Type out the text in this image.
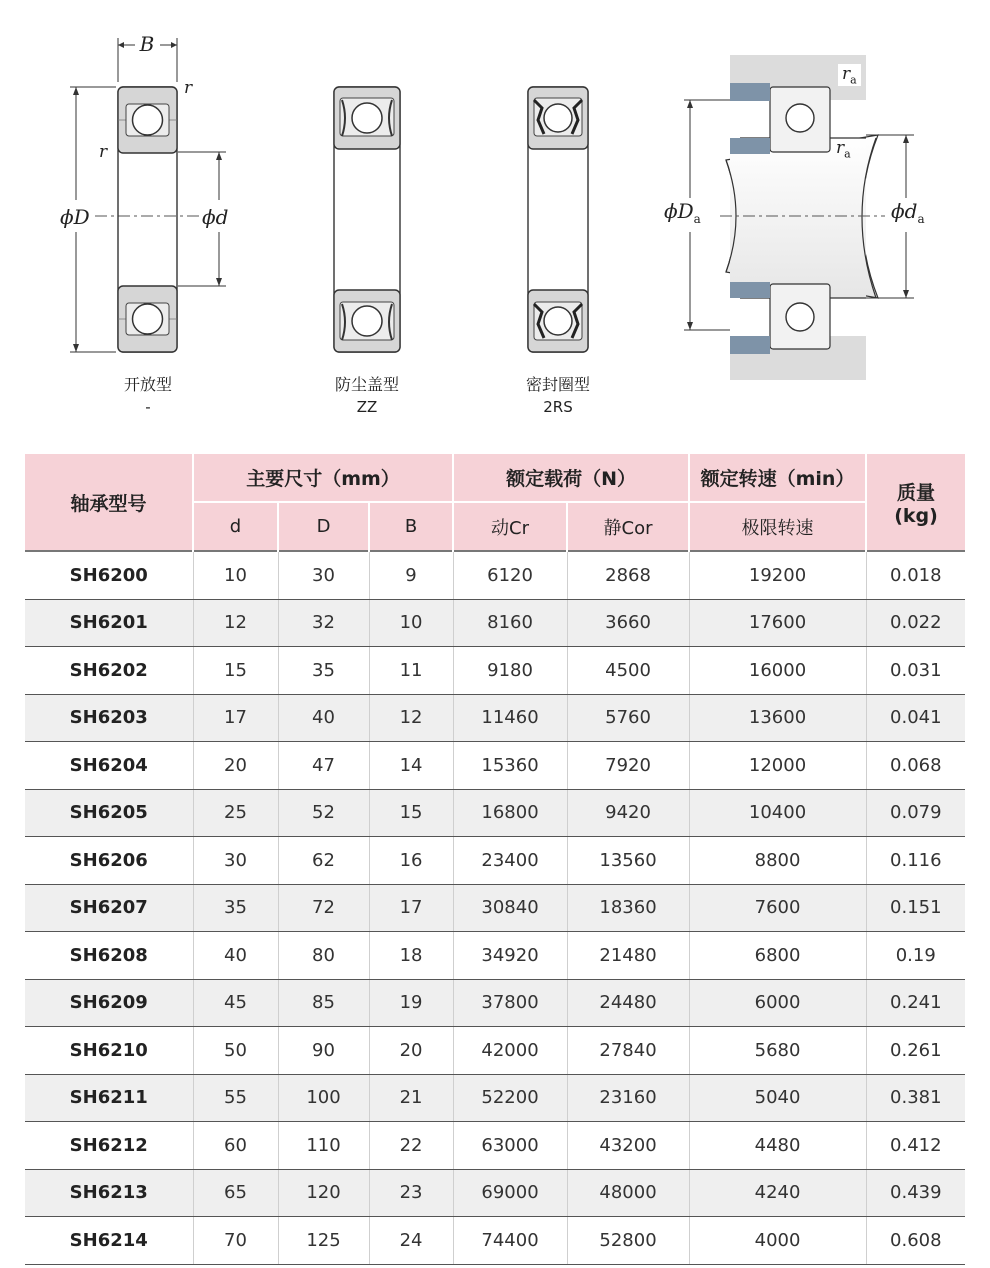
B
r
r
ϕD	ϕd
$r_a$
$r_a$
$\phi D_a$	$\phi d_a$
开放型
-
防尘盖型
ZZ
密封圈型
2RS
轴承型号	主要尺寸（mm）			额定载荷（N）		额定转速（min）	质量
(kg)
	d	D	B	动Cr	静Cor	极限转速	
SH6200	10	30	9	6120	2868	19200	0.018
SH6201	12	32	10	8160	3660	17600	0.022
SH6202	15	35	11	9180	4500	16000	0.031
SH6203	17	40	12	11460	5760	13600	0.041
SH6204	20	47	14	15360	7920	12000	0.068
SH6205	25	52	15	16800	9420	10400	0.079
SH6206	30	62	16	23400	13560	8800	0.116
SH6207	35	72	17	30840	18360	7600	0.151
SH6208	40	80	18	34920	21480	6800	0.19
SH6209	45	85	19	37800	24480	6000	0.241
SH6210	50	90	20	42000	27840	5680	0.261
SH6211	55	100	21	52200	23160	5040	0.381
SH6212	60	110	22	63000	43200	4480	0.412
SH6213	65	120	23	69000	48000	4240	0.439
SH6214	70	125	24	74400	52800	4000	0.608
